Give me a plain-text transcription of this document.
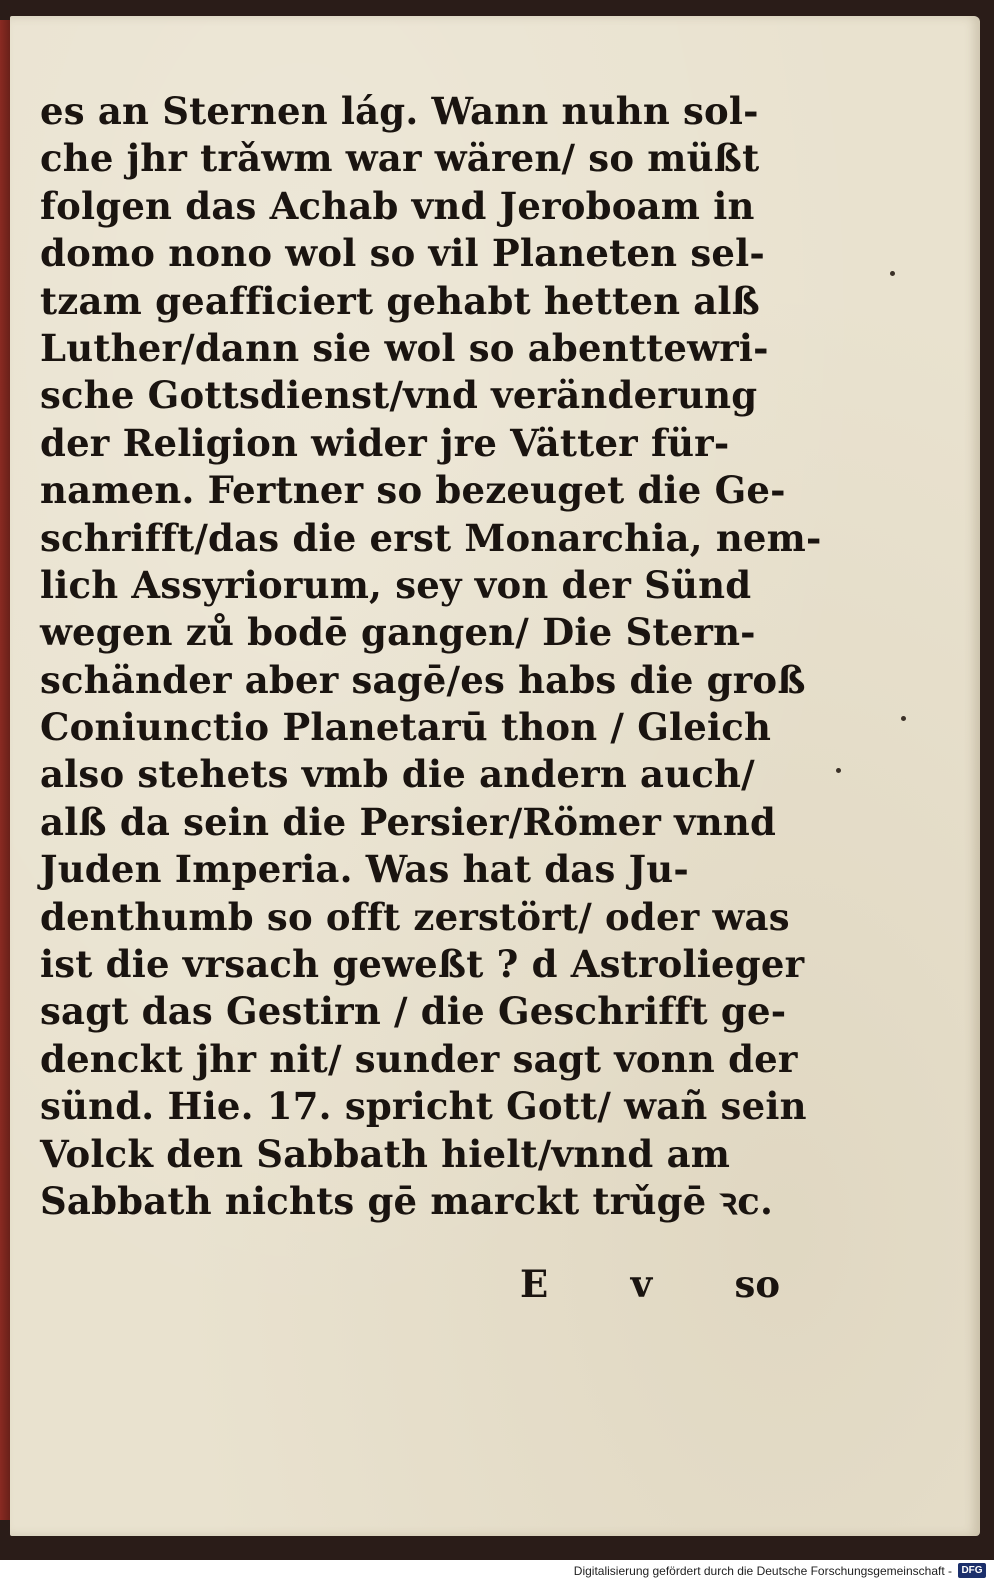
es an Sternen lág. Wann nuhn sol-
che jhr trǎwm war wären/ so müßt
folgen das Achab vnd Jeroboam in
domo nono wol so vil Planeten sel-
tzam geafficiert gehabt hetten alß
Luther/dann sie wol so abenttewri-
sche Gottsdienst/vnd veränderung
der Religion wider jre Vätter für-
namen. Fertner so bezeuget die Ge-
schrifft/das die erst Monarchia, nem-
lich Assyriorum, sey von der Sünd
wegen zů bodē gangen/ Die Stern-
schänder aber sagē/es habs die groß
Coniunctio Planetarū thon / Gleich
also stehets vmb die andern auch/
alß da sein die Persier/Römer vnnd
Juden Imperia. Was hat das Ju-
denthumb so offt zerstört/ oder was
ist die vrsach geweßt ? d Astrolieger
sagt das Gestirn / die Geschrifft ge-
denckt jhr nit/ sunder sagt vonn der
sünd. Hie. 17. spricht Gott/ wañ sein
Volck den Sabbath hielt/vnnd am
Sabbath nichts gē marckt trǔgē ꝛc.
E v so
Digitalisierung gefördert durch die Deutsche Forschungsgemeinschaft - DFG
